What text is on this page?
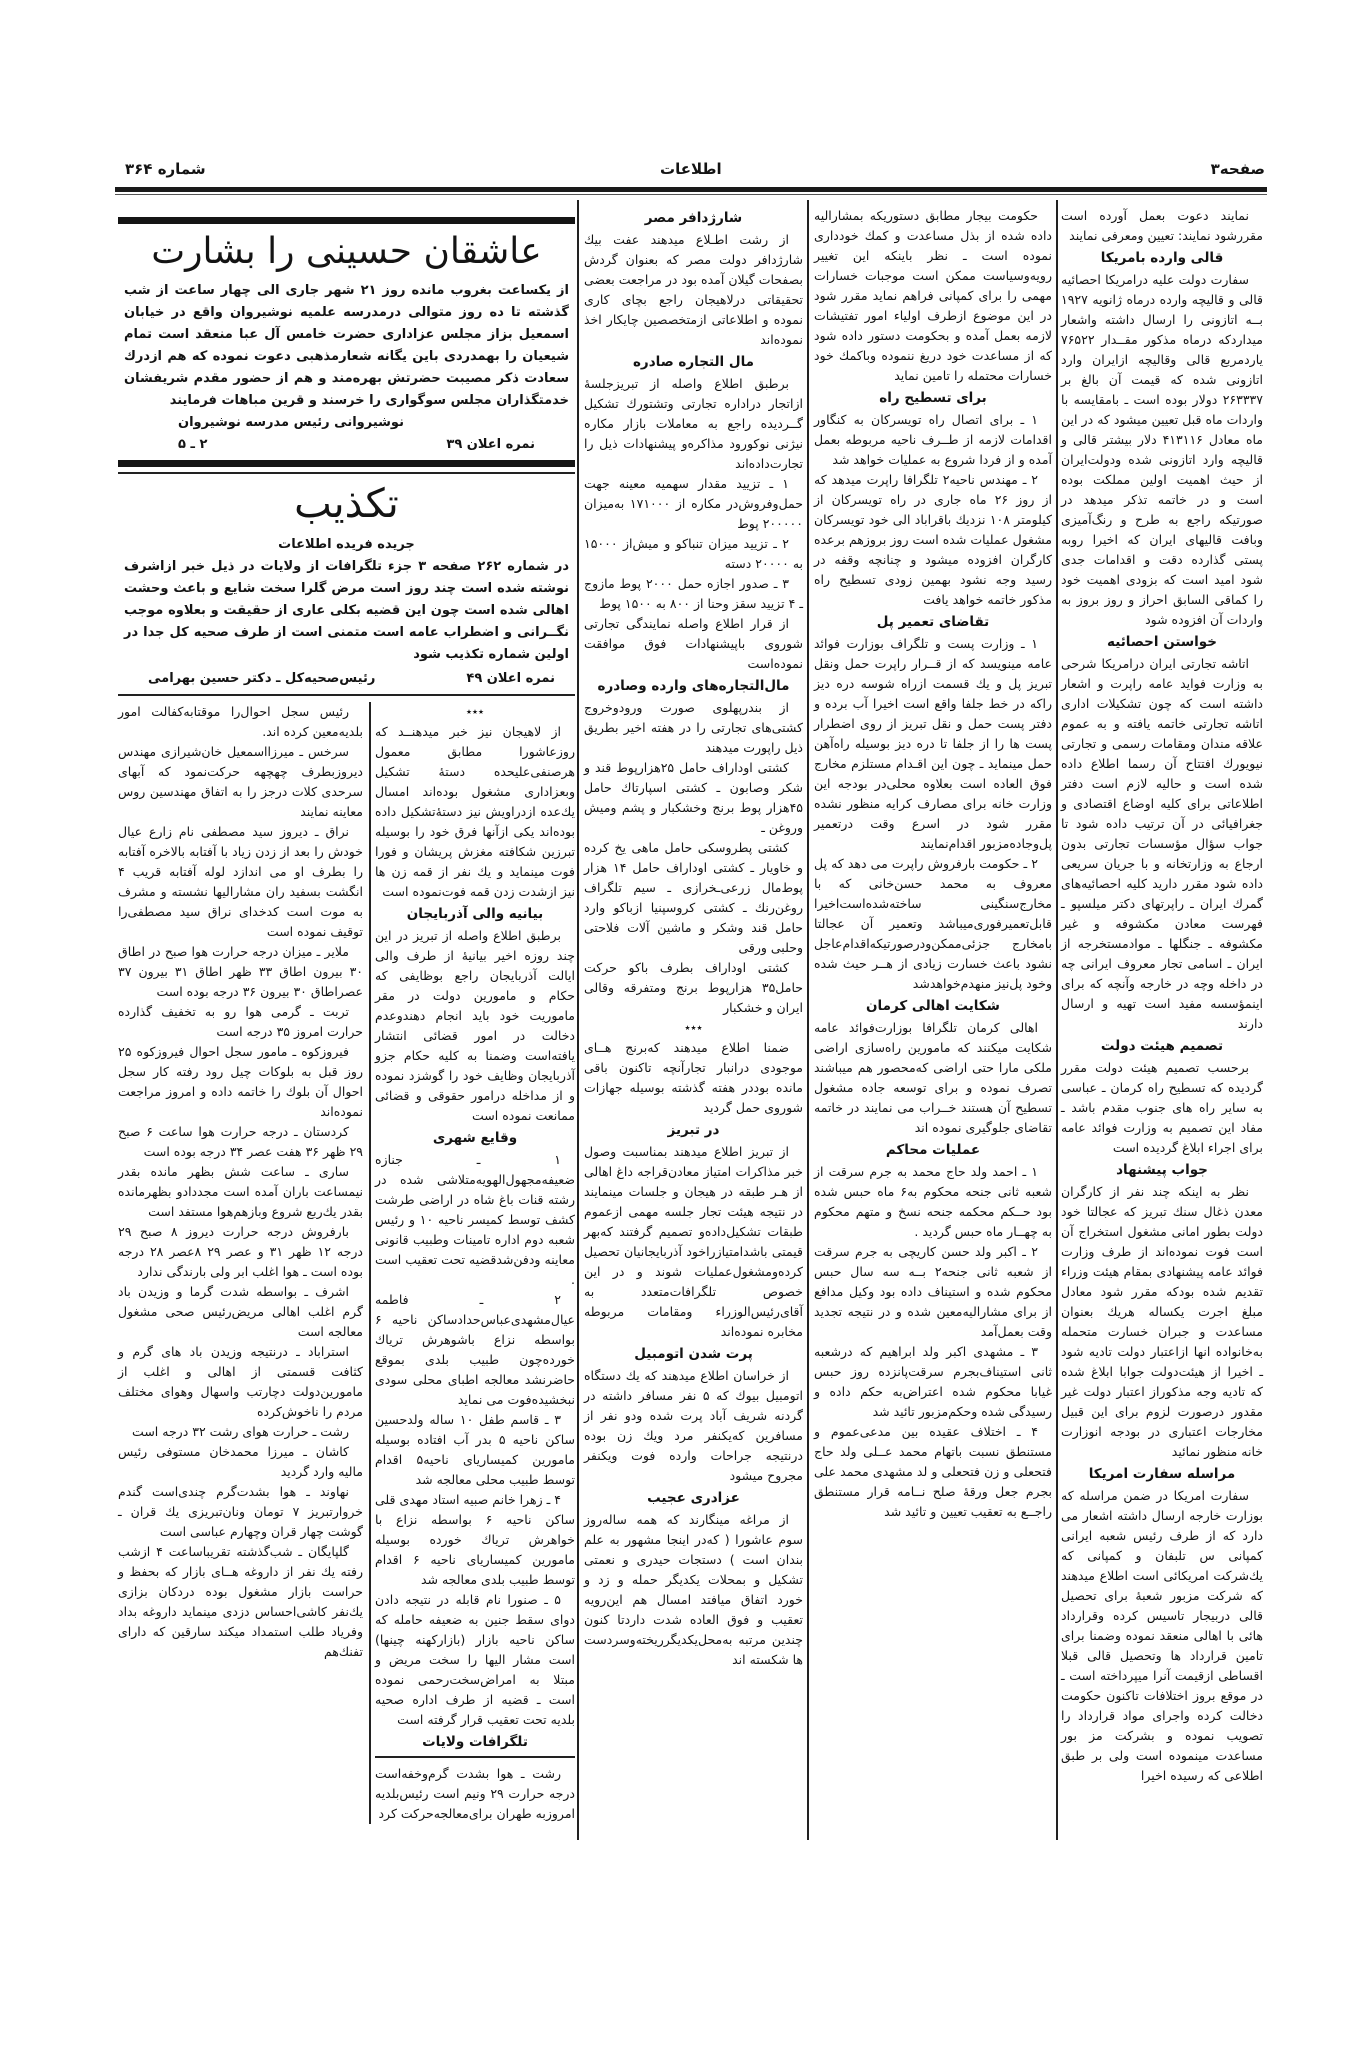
صفحه۳
اطلاعات
شماره ۳۶۴
عاشقان حسینی را بشارت
از یکساعت بغروب مانده روز ۲۱ شهر جاری الی چهار ساعت از شب گذشته تا ده روز متوالی درمدرسه علمیه نوشیروان واقع در خیابان اسمعیل بزاز مجلس عزاداری حضرت خامس آل عبا منعقد است تمام شیعیان را بهمدردی باین یگانه شعارمذهبی دعوت نموده که هم ازدرك سعادت ذکر مصیبت حضرتش بهره‌مند و هم از حضور مقدم شریفشان خدمتگذاران مجلس سوگواری را خرسند و قرین مباهات فرمایند
نوشیروانی رئیس مدرسه نوشیروان
نمره اعلان ۳۹
۲ ـ ۵
تکذیب
جریده فریده اطلاعات
در شماره ۲۶۲ صفحه ۳ جزء تلگرافات از ولایات در ذیل خبر ازاشرف نوشته شده است چند روز است مرض گلرا سخت شایع و باعث وحشت اهالی شده است چون این قضیه بکلی عاری از حقیقت و بعلاوه موجب نگــرانی و اضطراب عامه است متمنی است از طرف صحیه کل جدا در اولین شماره تکذیب شود
نمره اعلان ۴۹
رئیس‌صحیه‌کل ـ دکتر حسین بهرامی
٭٭٭

از لاهیجان نیز خبر میدهنــد که روزعاشورا مطابق معمول هرصنفی‌علیحده دستهٔ تشکیل وبعزاداری مشغول بوده‌اند امسال یك‌عده ازدراویش نیز دستهٔ‌تشکیل داده بوده‌اند یکی ازآنها فرق خود را بوسیله تبرزین شکافته مغزش پریشان و فورا فوت مینماید و یك نفر از قمه زن ها نیز ازشدت زدن قمه فوت‌نموده است

بیانیه والی آذربایجان

برطبق اطلاع واصله از تبریز در این چند روزه اخیر بیانیهٔ از طرف والی ایالت آذربایجان راجع بوظایفی که حکام و مامورین دولت در مقر ماموریت خود باید انجام دهندوعدم دخالت در امور قضائی انتشار یافته‌است وضمنا به کلیه حکام جزو آذربایجان وظایف خود را گوشزد نموده و از مداخله درامور حقوقی و قضائی ممانعت نموده است

وقایع شهری

۱ ـ جنازه ضعیفه‌مجهول‌الهویه‌متلاشی شده در رشته قنات باغ شاه در اراضی طرشت کشف توسط کمیسر ناحیه ۱۰ و رئیس شعبه دوم اداره تامینات وطبیب قانونی معاینه ودفن‌شدقضیه تحت تعقیب است .

۲ ـ فاطمه عیال‌مشهدی‌عباس‌حدادساکن ناحیه ۶ بواسطه نزاع باشوهرش تریاك خورده‌چون طبیب بلدی بموقع حاضرنشد معالجه اطبای محلی سودی نبخشیده‌فوت می نماید

۳ ـ قاسم طفل ۱۰ ساله ولدحسین ساکن ناحیه ۵ بدر آب افتاده بوسیله مامورین کمیساریای ناحیه۵ اقدام توسط طبیب محلی معالجه شد

۴ ـ زهرا خانم صبیه استاد مهدی قلی ساکن ناحیه ۶ بواسطه نزاع با خواهرش تریاك خورده بوسیله مامورین کمیساریای ناحیه ۶ اقدام توسط طبیب بلدی معالجه شد

۵ ـ صنورا نام قابله در نتیجه دادن دوای سقط جنین به ضعیفه حامله که ساکن ناحیه بازار (بازارکهنه چینها) است مشار الیها را سخت مریض و مبتلا به امراض‌سخت‌رحمی نموده است ـ قضیه از طرف اداره صحیه بلدیه تحت تعقیب قرار گرفته است

تلگرافات ولایات

رشت ـ هوا بشدت گرم‌وخفه‌است درجه حرارت ۲۹ ونیم است رئیس‌بلدیه امروزبه طهران برای‌معالجه‌حرکت کرد

رئیس سجل احوال‌را موقتا‌به‌کفالت امور بلدیه‌معین کرده اند.

سرخس ـ میرزااسمعیل خان‌شیرازی مهندس دیروزبطرف چهچهه حرکت‌نمود که آبهای سرحدی کلات درجز را به اتفاق مهندسین روس معاینه نمایند

نراق ـ دیروز سید مصطفی نام زارع عیال خودش را بعد از زدن زیاد با آفتابه بالاخره آفتابه را بطرف او می اندازد لوله آفتابه قریب ۴ انگشت بسفید ران مشارالیها نشسته و مشرف به موت است کدخدای نراق سید مصطفی‌را توقیف نموده است

ملایر ـ میزان درجه حرارت هوا صبح در اطاق ۳۰ بیرون اطاق ۳۳ ظهر اطاق ۳۱ بیرون ۳۷ عصراطاق ۳۰ بیرون ۳۶ درجه بوده است

تربت ـ گرمی هوا رو به تخفیف گذارده حرارت امروز ۳۵ درجه است

فیروزکوه ـ مامور سجل احوال فیروزکوه ۲۵ روز قبل به بلوکات چیل رود رفته کار سجل احوال آن بلوك را خاتمه داده و امروز مراجعت نموده‌اند

کردستان ـ درجه حرارت هوا ساعت ۶ صبح ۲۹ ظهر ۳۶ هفت عصر ۳۴ درجه بوده است

ساری ـ ساعت شش بظهر مانده بقدر نیمساعت باران آمده است مجددادو بظهرمانده بقدر یك‌ربع شروع وبازهم‌هوا مستفد است

بارفروش درجه حرارت دیروز ۸ صبح ۲۹ درجه ۱۲ ظهر ۳۱ و عصر ۲۹ ۸عصر ۲۸ درجه بوده است ـ هوا اغلب ابر ولی بارندگی ندارد

اشرف ـ بواسطه شدت گرما و وزیدن باد گرم اغلب اهالی مریض‌رئیس صحی مشغول معالجه است

استراباد ـ درنتیجه وزیدن باد های گرم و کثافت قسمتی از اهالی و اغلب از مامورین‌دولت دچارتب واسهال وهوای مختلف مردم را ناخوش‌کرده

رشت ـ حرارت هوای رشت ۳۲ درجه است

کاشان ـ میرزا محمدخان مستوفی رئیس مالیه وارد گردید

نهاوند ـ هوا بشدت‌گرم چندی‌است گندم خروارتبریز ۷ تومان ونان‌تبریزی یك قران ـ گوشت چهار قران وچهارم عباسی است

گلپایگان ـ شب‌گذشته تقریباساعت ۴ ازشب رفته یك نفر از داروغه هــای بازار که بحفظ و حراست بازار مشغول بوده دردکان بزازی یك‌نفر کاشی‌احساس دزدی مینماید داروغه بداد وفریاد طلب استمداد میکند سارقین که دارای تفنك‌هم

نمایند دعوت بعمل آورده است مقررشود نمایند: تعیین ومعرفی نمایند

قالی وارده بامریکا

سفارت دولت علیه درامریکا احصائیه قالی و قالیچه وارده درماه ژانویه ۱۹۲۷ بــه اتازونی را ارسال داشته واشعار میداردکه درماه مذکور مقــدار ۷۶۵۲۲ یاردمربع قالی وقالیچه ازایران وارد اتازونی شده که قیمت آن بالغ بر ۲۶۳۳۳۷ دولار بوده است ـ بامقایسه با واردات ماه قبل تعیین میشود که در این ماه معادل ۴۱۳۱۱۶ دلار بیشتر قالی و قالیچه وارد اتازونی شده ودولت‌ایران از حیث اهمیت اولین مملکت بوده است و در خاتمه تذکر میدهد در صورتیکه راجع به طرح و رنگ‌آمیزی وبافت قالیهای ایران که اخیرا روبه پستی گذارده دقت و اقدامات جدی شود امید است که بزودی اهمیت خود را کماقی السابق احراز و روز بروز به واردات آن افزوده شود

خواستن احصائیه

اتاشه تجارتی ایران درامریکا شرحی به وزارت فواید عامه راپرت و اشعار داشته است که چون تشکیلات اداری اتاشه تجارتی خاتمه یافته و به عموم علاقه مندان ومقامات رسمی و تجارتی نیویورك افتتاح آن رسما اطلاع داده شده است و حالیه لازم است دفتر اطلاعاتی برای کلیه اوضاع اقتصادی و جغرافیائی در آن ترتیب داده شود تا جواب سؤال مؤسسات تجارتی بدون ارجاع به وزارتخانه و با جریان سریعی داده شود مقرر دارید کلیه احصائیه‌های گمرك ایران ـ راپرتهای دکتر میلسپو ـ فهرست معادن مکشوفه و غیر مکشوفه ـ جنگلها ـ موادمستخرجه از ایران ـ اسامی تجار معروف ایرانی چه در داخله وچه در خارجه وآنچه که برای اینمؤسسه مفید است تهیه و ارسال دارند

تصمیم هیئت دولت

برحسب تصمیم هیئت دولت مقرر گردیده که تسطیح راه کرمان ـ عباسی به سایر راه های جنوب مقدم باشد ـ مفاد این تصمیم به وزارت فوائد عامه برای اجراء ابلاغ گردیده است

جواب پیشنهاد

نظر به اینکه چند نفر از کارگران معدن ذغال سنك تبریز که عجالتا خود دولت بطور امانی مشغول استخراج آن است فوت نموده‌اند از طرف وزارت فوائد عامه پیشنهادی بمقام هیئت وزراء تقدیم شده بودکه مقرر شود معادل مبلغ اجرت یکساله هریك بعنوان مساعدت و جبران خسارت متحمله به‌خانواده انها ازاعتبار دولت تادیه شود ـ اخیرا از هیئت‌دولت جوابا ابلاغ شده که تادیه وجه مذکوراز اعتبار دولت غیر مقدور درصورت لزوم برای این قبیل مخارجات اعتباری در بودجه انوزارت خانه منظور نمائید

مراسله سفارت امریکا

سفارت امریکا در ضمن مراسله که بوزارت خارجه ارسال داشته اشعار می دارد که از طرف رئیس شعبه ایرانی کمپانی س تلبفان و کمپانی که یك‌شرکت امریکائی است اطلاع میدهند که شرکت مزبور شعبهٔ برای تحصیل قالی دربیجار تاسیس کرده وقرارداد هائی با اهالی منعقد نموده وضمنا برای تامین قرارداد ها وتحصیل قالی قبلا اقساطی ازقیمت آنرا میپرداخته است ـ در موقع بروز اختلافات تاکنون حکومت دخالت کرده واجرای مواد قرارداد را تصویب نموده و بشرکت مز بور مساعدت مینموده است ولی بر طبق اطلاعی که رسیده اخیرا

حکومت بیجار مطابق دستوریکه بمشارالیه داده شده از بذل مساعدت و کمك خودداری نموده است ـ نظر باینکه این تغییر رویه‌وسیاست ممکن است موجبات خسارات مهمی را برای کمپانی فراهم نماید مقرر شود در این موضوع ازطرف اولیاء امور تفتیشات لازمه بعمل آمده و بحکومت دستور داده شود که از مساعدت خود دریغ ننموده وباکمك خود خسارات محتمله را تامین نماید

برای تسطیح راه

۱ ـ برای اتصال راه تویسرکان به کنگاور اقدامات لازمه از طــرف ناحیه مربوطه بعمل آمده و از فردا شروع به عملیات خواهد شد

۲ ـ مهندس ناحیه۲ تلگرافا راپرت میدهد که از روز ۲۶ ماه جاری در راه تویسرکان از کیلومتر ۱۰۸ نزدیك باقراباد الی خود تویسرکان مشغول عملیات شده است روز بروزهم برعده کارگران افزوده میشود و چنانچه وقفه در رسید وجه نشود بهمین زودی تسطیح راه مذکور خاتمه خواهد یافت

تقاضای تعمیر پل

۱ ـ وزارت پست و تلگراف بوزارت فوائد عامه مینویسد که از قــرار راپرت حمل ونقل تبریز پل و یك قسمت ازراه شوسه دره دیز راکه در خط جلفا واقع است اخیرا آب برده و دفتر پست حمل و نقل تبریز از روی اضطرار پست ها را از جلفا تا دره دیز بوسیله راه‌آهن حمل مینماید ـ چون این اقـدام مستلزم مخارج فوق العاده است بعلاوه محلی‌در بودجه این وزارت خانه برای مصارف کرایه منظور نشده مقرر شود در اسرع وقت درتعمیر پل‌وجاده‌مزبور اقدام‌نمایند

۲ ـ حکومت بارفروش راپرت می دهد که پل معروف به محمد حسن‌خانی که با مخارج‌سنگینی ساخته‌شده‌است‌اخیرا قابل‌تعمیرفوری‌میباشد وتعمیر آن عجالتا بامخارج جزئی‌ممکن‌ودرصورتیکه‌اقدام‌عاجل نشود باعث خسارت زیادی از هــر حیث شده وخود پل‌نیز منهدم‌خواهدشد

شکایت اهالی کرمان

اهالی کرمان تلگرافا بوزارت‌فوائد عامه شکایت میکنند که مامورین راه‌سازی اراضی ملکی مارا حتی اراضی که‌محصور هم میباشند تصرف نموده و برای توسعه جاده مشغول تسطیح آن هستند خــراب می نمایند در خاتمه تقاضای جلوگیری نموده اند

عملیات محاکم

۱ ـ احمد ولد حاج محمد به جرم سرقت از شعبه ثانی جنحه محکوم به۶ ماه حبس شده بود حــکم محکمه جنحه نسخ و متهم محکوم به چهــار ماه حبس گردید .

۲ ـ اکبر ولد حسن کاریچی به جرم سرقت از شعبه ثانی جنحه۲ بــه سه سال حبس محکوم شده و استیناف داده بود وکیل مدافع از برای مشارالیه‌معین شده و در نتیجه تجدید وقت بعمل‌آمد

۳ ـ مشهدی اکبر ولد ابراهیم که درشعبه ثانی استیناف‌بجرم سرقت‌پانزده روز حبس غیابا محکوم شده اعتراض‌به حکم داده و رسیدگی شده وحکم‌مزبور تائید شد

۴ ـ اختلاف عقیده بین مدعی‌عموم و مستنطق نسبت باتهام محمد عــلی ولد حاج فتحعلی و زن فتحعلی و لد مشهدی محمد علی بجرم جعل ورقهٔ صلح نــامه قرار مستنطق راجــع به تعقیب تعیین و تائید شد

شارژدافر مصر

از رشت اطـلاع میدهند عفت بیك شارژدافر دولت مصر که بعنوان گردش بصفحات گیلان آمده بود در مراجعت بعضی تحقیقاتی درلاهیجان راجع بچای کاری نموده و اطلاعاتی ازمتخصصین چایکار اخذ نموده‌اند

مال التجاره صادره

برطبق اطلاع واصله از تبریزجلسهٔ ازاتجار دراداره تجارتی وتشتورك تشکیل گــردیده راجع به معاملات بازار مکاره نیژنی نوکورود مذاکره‌و پیشنهادات ذیل را تجارت‌داده‌اند

۱ ـ تزیید مقدار سهمیه معینه جهت حمل‌وفروش‌در مکاره از ۱۷۱۰۰۰ به‌میزان ۲۰۰۰۰۰ پوط

۲ ـ تزیید میزان تنباکو و میش‌از ۱۵۰۰۰ به ۲۰۰۰۰ دسته

۳ ـ صدور اجازه حمل ۲۰۰۰ پوط مازوج ـ ۴ تزیید سقز وحنا از ۸۰۰ به ۱۵۰۰ پوط

از قرار اطلاع واصله نمایندگی تجارتی شوروی باپیشنهادات فوق موافقت نموده‌است

مال‌التجاره‌های وارده وصادره

از بندرپهلوی صورت ورودوخروج کشتی‌های تجارتی را در هفته اخیر بطریق ذیل راپورت میدهند

کشتی اوداراف حامل ۲۵هزارپوط قند و شکر وصابون ـ کشتی اسپارتاك حامل ۴۵هزار پوط برنج وخشکبار و پشم ومیش وروغن ـ

کشتی پطروسکی حامل ماهی یخ کرده و خاویار ـ کشتی اوداراف حامل ۱۴ هزار پوط‌مال زرعی‌ـخرازی ـ سیم تلگراف روغن‌رنك ـ کشتی کروسپنیا ازباکو وارد حامل قند وشکر و ماشین آلات فلاحتی وحلبی ورقی

کشتی اوداراف بطرف باکو حرکت حامل۳۵ هزارپوط برنج ومتفرقه وقالی ایران و خشکبار

٭٭٭

ضمنا اطلاع میدهند که‌برنج هــای موجودی درانبار تجارآنچه تاکنون باقی مانده بوددر هفته گذشته بوسیله جهازات شوروی حمل گردید

در تبریز

از تبریز اطلاع میدهند بمناسبت وصول خبر مذاکرات امتیاز معادن‌قراجه داغ اهالی از هـر طبقه در هیجان و جلسات مینمایند در نتیجه هیئت تجار جلسه مهمی ازعموم طبقات تشکیل‌داده‌و تصمیم گرفتند که‌بهر قیمتی باشدامتیازراخود آذربایجانیان تحصیل کرده‌ومشغول‌عملیات شوند و در این خصوص تلگرافات‌متعدد به آقای‌رئیس‌الوزراء ومقامات مربوطه مخابره نموده‌اند

پرت شدن اتومبیل

از خراسان اطلاع میدهند که یك دستگاه اتومبیل بیوك که ۵ نفر مسافر داشته در گردنه شریف آباد پرت شده ودو نفر از مسافرین که‌یکنفر مرد ویك زن بوده درنتیجه جراحات وارده فوت ویکنفر مجروح میشود

عزادری عجیب

از مراغه مینگارند که همه ساله‌روز سوم عاشورا ( که‌در اینجا مشهور به علم بندان است ) دستجات حیدری و نعمتی تشکیل و بمحلات یکدیگر حمله و زد و خورد اتفاق میافتد امسال هم این‌رویه تعقیب و فوق العاده شدت داردتا کنون چندین مرتبه به‌محل‌یکدیگرریخته‌وسردست ها شکسته اند
